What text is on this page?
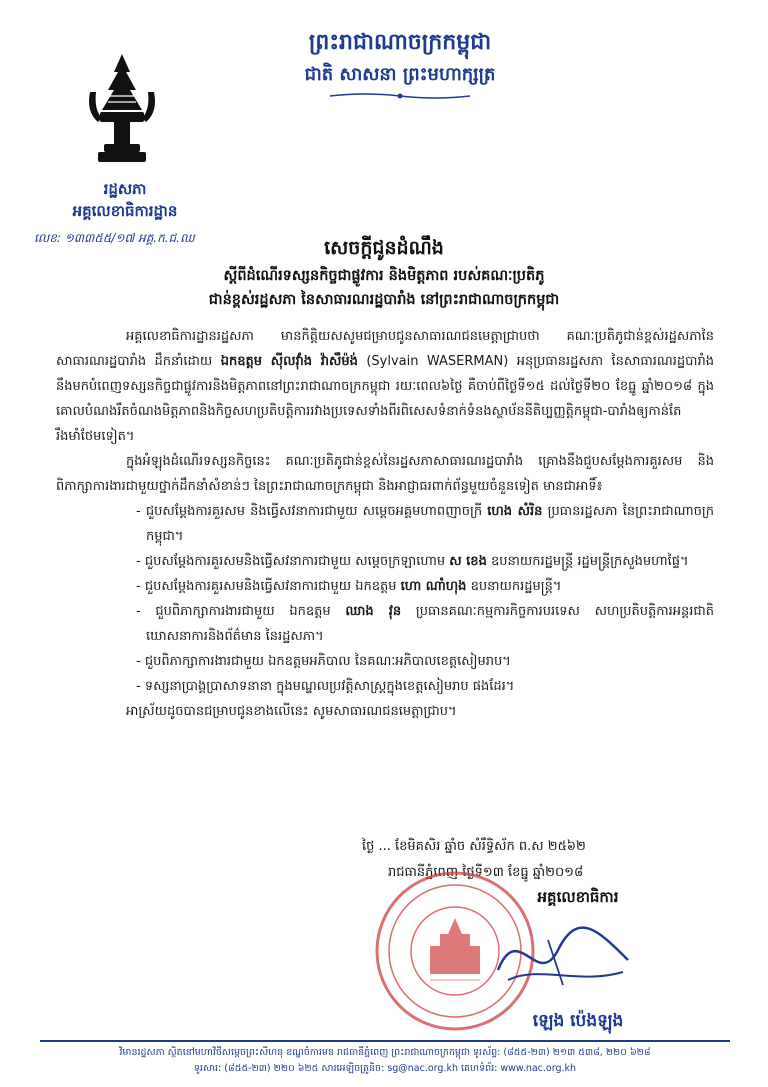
ព្រះរាជាណាចក្រកម្ពុជា
ជាតិ សាសនា ព្រះមហាក្សត្រ
រដ្ឋសភា
អគ្គលេខាធិការដ្ឋាន
លេខ: ១៣៣៥៥/១៧ អគ្គ.ក.ជ.ឈ	សេចក្តីជូនដំណឹង
ស្តីពីដំណើរទស្សនកិច្ចជាផ្លូវការ និងមិត្តភាព របស់គណៈប្រតិភូ
ជាន់ខ្ពស់រដ្ឋសភា នៃសាធារណរដ្ឋបារាំង នៅព្រះរាជាណាចក្រកម្ពុជា

អគ្គលេខាធិការដ្ឋានរដ្ឋសភា មានកិត្តិយសសូមជម្រាបជូនសាធារណជនមេត្តាជ្រាបថា គណៈប្រតិភូជាន់ខ្ពស់រដ្ឋសភានៃសាធារណរដ្ឋបារាំង ដឹកនាំដោយ ឯកឧត្តម ស៊ីលវ៉ាំង វ៉ាសឺម៉ង់ (Sylvain WASERMAN) អនុប្រធានរដ្ឋសភា នៃសាធារណរដ្ឋបារាំង នឹងមកបំពេញទស្សនកិច្ចជាផ្លូវការនិងមិត្តភាពនៅព្រះរាជាណាចក្រកម្ពុជា រយៈពេល៦ថ្ងៃ គឺចាប់ពីថ្ងៃទី១៥ ដល់ថ្ងៃទី២០ ខែធ្នូ ឆ្នាំ២០១៨ ក្នុងគោលបំណងរឹតចំណងមិត្តភាពនិងកិច្ចសហប្រតិបត្តិការរវាងប្រទេសទាំងពីរពិសេសទំនាក់ទំនងស្ថាប័ននីតិប្បញ្ញត្តិកម្ពុជា-បារាំងឲ្យកាន់តែរឹងមាំថែមទៀត។

ក្នុងអំឡុងដំណើរទស្សនកិច្ចនេះ គណៈប្រតិភូជាន់ខ្ពស់នៃរដ្ឋសភាសាធារណរដ្ឋបារាំង គ្រោងនឹងជួបសម្តែងការគួរសម និងពិភាក្សាការងារជាមួយថ្នាក់ដឹកនាំសំខាន់ៗ នៃព្រះរាជាណាចក្រកម្ពុជា និងអាជ្ញាធរពាក់ព័ន្ធមួយចំនួនទៀត មានជាអាទិ៍៖

- ជួបសម្តែងការគួរសម និងធ្វើសវនាការជាមួយ សម្តេចអគ្គមហាពញាចក្រី ហេង សំរិន ប្រធានរដ្ឋសភា នៃព្រះរាជាណាចក្រកម្ពុជា។

- ជួបសម្តែងការគួរសមនិងធ្វើសវនាការជាមួយ សម្តេចក្រឡាហោម ស ខេង ឧបនាយករដ្ឋមន្ត្រី រដ្ឋមន្ត្រីក្រសួងមហាផ្ទៃ។

- ជួបសម្តែងការគួរសមនិងធ្វើសវនាការជាមួយ ឯកឧត្តម ហោ ណាំហុង ឧបនាយករដ្ឋមន្ត្រី។

- ជួបពិភាក្សាការងារជាមួយ ឯកឧត្តម ឈាង វុន ប្រធានគណៈកម្មការកិច្ចការបរទេស សហប្រតិបត្តិការអន្តរជាតិ ឃោសនាការនិងព័ត៌មាន នៃរដ្ឋសភា។

- ជួបពិភាក្សាការងារជាមួយ ឯកឧត្តមអភិបាល នៃគណៈអភិបាលខេត្តសៀមរាប។

- ទស្សនាប្រាង្គប្រាសាទនានា ក្នុងមណ្ឌលប្រវត្តិសាស្ត្រក្នុងខេត្តសៀមរាប ផងដែរ។

អាស្រ័យដូចបានជម្រាបជូនខាងលើនេះ សូមសាធារណជនមេត្តាជ្រាប។

ថ្ងៃ ... ខែមិគសិរ ឆ្នាំច សំរឹទ្ធិស័ក ព.ស ២៥៦២
រាជធានីភ្នំពេញ ថ្ងៃទី១៣ ខែធ្នូ ឆ្នាំ២០១៨
អគ្គលេខាធិការ
ឡេង ប៉េងឡុង
វិមានរដ្ឋសភា ស្ថិតនៅមហាវិថីសម្តេចព្រះសីហនុ ខណ្ឌចំការមន រាជធានីភ្នំពេញ ព្រះរាជាណាចក្រកម្ពុជា ទូរស័ព្ទ: (៨៥៥-២៣) ២១៣ ៥៣៨, ២២០ ៦២៨
ទូរសារ: (៨៥៥-២៣) ២២០ ៦២៥ សារអេឡិចត្រូនិច: sg@nac.org.kh គេហទំព័រ: www.nac.org.kh
